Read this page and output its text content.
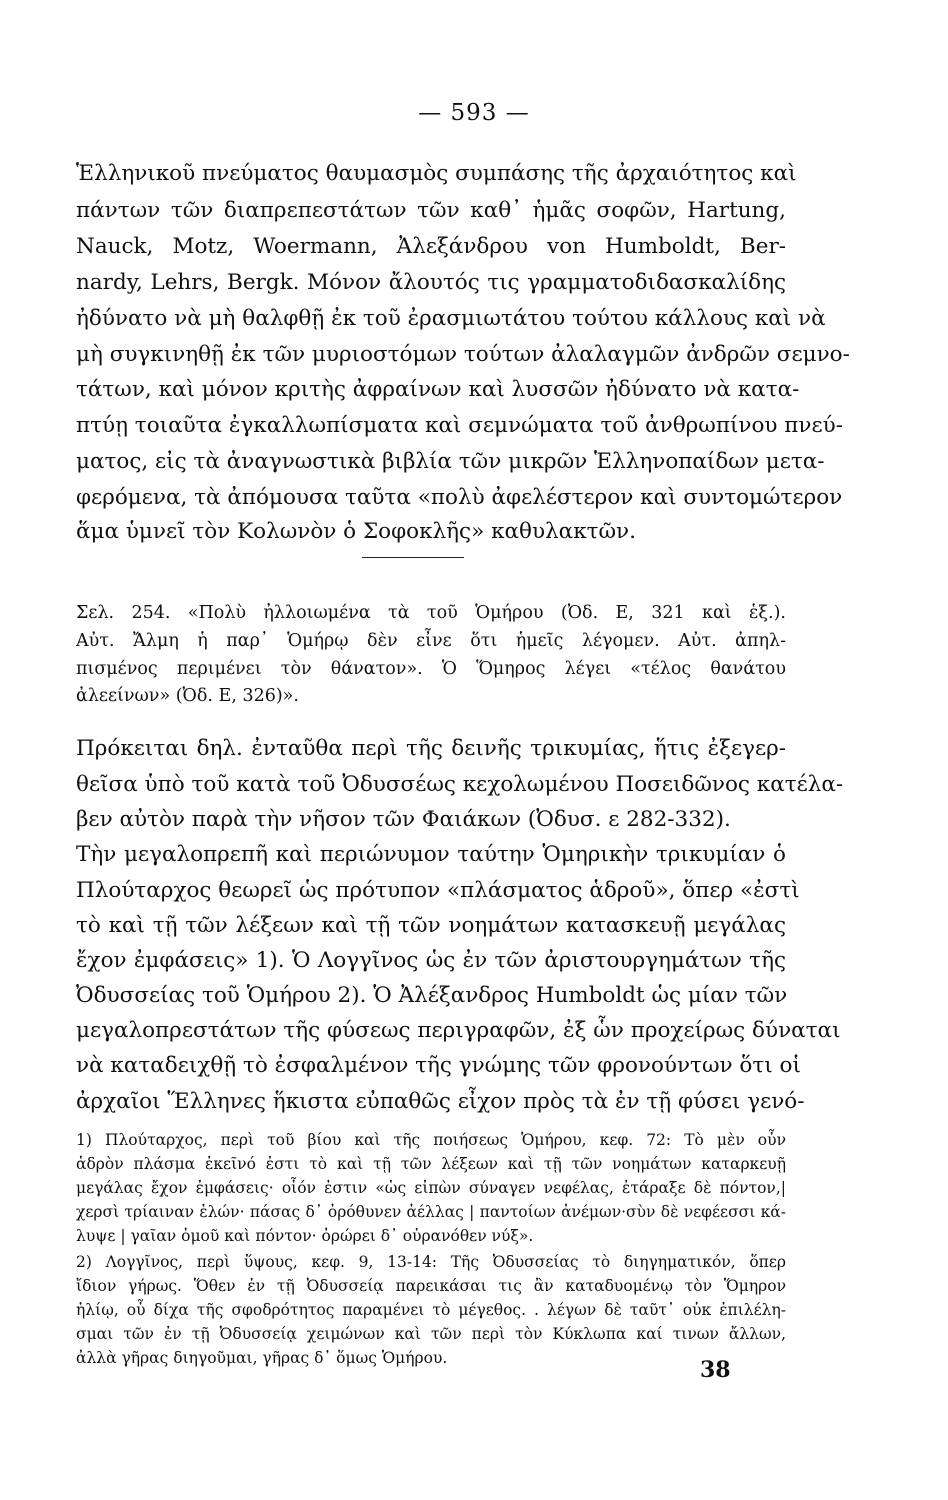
— 593 —
Ἑλληνικοῦ πνεύματος θαυμασμὸς συμπάσης τῆς ἀρχαιότητος καὶ
πάντων τῶν διαπρεπεστάτων τῶν καθ᾽ ἡμᾶς σοφῶν, Hartung,
Nauck, Motz, Woermann, Ἀλεξάνδρου von Humboldt, Ber-
nardy, Lehrs, Bergk. Μόνον ἄλουτός τις γραμματοδιδασκαλίδης
ἠδύνατο νὰ μὴ θαλφθῇ ἐκ τοῦ ἐρασμιωτάτου τούτου κάλλους καὶ νὰ
μὴ συγκινηθῇ ἐκ τῶν μυριοστόμων τούτων ἀλαλαγμῶν ἀνδρῶν σεμνο-
τάτων, καὶ μόνον κριτὴς ἀφραίνων καὶ λυσσῶν ἠδύνατο νὰ κατα-
πτύῃ τοιαῦτα ἐγκαλλωπίσματα καὶ σεμνώματα τοῦ ἀνθρωπίνου πνεύ-
ματος, εἰς τὰ ἀναγνωστικὰ βιβλία τῶν μικρῶν Ἑλληνοπαίδων μετα-
φερόμενα, τὰ ἀπόμουσα ταῦτα «πολὺ ἀφελέστερον καὶ συντομώτερον
ἅμα ὑμνεῖ τὸν Κολωνὸν ὁ Σοφοκλῆς» καθυλακτῶν.
Σελ. 254. «Πολὺ ἠλλοιωμένα τὰ τοῦ Ὁμήρου (Ὀδ. Ε, 321 καὶ ἑξ.).
Αὐτ. Ἄλμη ἡ παρ᾽ Ὁμήρῳ δὲν εἶνε ὅτι ἡμεῖς λέγομεν. Αὐτ. ἀπηλ-
πισμένος περιμένει τὸν θάνατον». Ὁ Ὅμηρος λέγει «τέλος θανάτου
ἀλεείνων» (Ὀδ. Ε, 326)».
Πρόκειται δηλ. ἐνταῦθα περὶ τῆς δεινῆς τρικυμίας, ἥτις ἐξεγερ-
θεῖσα ὑπὸ τοῦ κατὰ τοῦ Ὀδυσσέως κεχολωμένου Ποσειδῶνος κατέλα-
βεν αὐτὸν παρὰ τὴν νῆσον τῶν Φαιάκων (Ὀδυσ. ε 282-332).
Τὴν μεγαλοπρεπῆ καὶ περιώνυμον ταύτην Ὁμηρικὴν τρικυμίαν ὁ
Πλούταρχος θεωρεῖ ὡς πρότυπον «πλάσματος ἁδροῦ», ὅπερ «ἐστὶ
τὸ καὶ τῇ τῶν λέξεων καὶ τῇ τῶν νοημάτων κατασκευῇ μεγάλας
ἔχον ἐμφάσεις» 1). Ὁ Λογγῖνος ὡς ἐν τῶν ἀριστουργημάτων τῆς
Ὀδυσσείας τοῦ Ὁμήρου 2). Ὁ Ἀλέξανδρος Humboldt ὡς μίαν τῶν
μεγαλοπρεστάτων τῆς φύσεως περιγραφῶν, ἐξ ὧν προχείρως δύναται
νὰ καταδειχθῇ τὸ ἐσφαλμένον τῆς γνώμης τῶν φρονούντων ὅτι οἱ
ἀρχαῖοι Ἕλληνες ἥκιστα εὐπαθῶς εἶχον πρὸς τὰ ἐν τῇ φύσει γενό-
1) Πλούταρχος, περὶ τοῦ βίου καὶ τῆς ποιήσεως Ὁμήρου, κεφ. 72: Τὸ μὲν οὖν
ἁδρὸν πλάσμα ἐκεῖνό ἐστι τὸ καὶ τῇ τῶν λέξεων καὶ τῇ τῶν νοημάτων καταρκευῇ
μεγάλας ἔχον ἐμφάσεις· οἷόν ἐστιν «ὡς εἰπὼν σύναγεν νεφέλας, ἐτάραξε δὲ πόντον,|
χερσὶ τρίαιναν ἑλών· πάσας δ᾽ ὀρόθυνεν ἀέλλας | παντοίων ἀνέμων·σὺν δὲ νεφέεσσι κά-
λυψε | γαῖαν ὁμοῦ καὶ πόντον· ὀρώρει δ᾽ οὐρανόθεν νύξ».
2) Λογγῖνος, περὶ ὕψους, κεφ. 9, 13-14: Τῆς Ὀδυσσείας τὸ διηγηματικόν, ὅπερ
ἴδιον γήρως. Ὅθεν ἐν τῇ Ὀδυσσείᾳ παρεικάσαι τις ἂν καταδυομένῳ τὸν Ὅμηρον
ἡλίῳ, οὗ δίχα τῆς σφοδρότητος παραμένει τὸ μέγεθος. . λέγων δὲ ταῦτ᾽ οὐκ ἐπιλέλη-
σμαι τῶν ἐν τῇ Ὀδυσσείᾳ χειμώνων καὶ τῶν περὶ τὸν Κύκλωπα καί τινων ἄλλων,
ἀλλὰ γῆρας διηγοῦμαι, γῆρας δ᾽ ὅμως Ὁμήρου.	38
